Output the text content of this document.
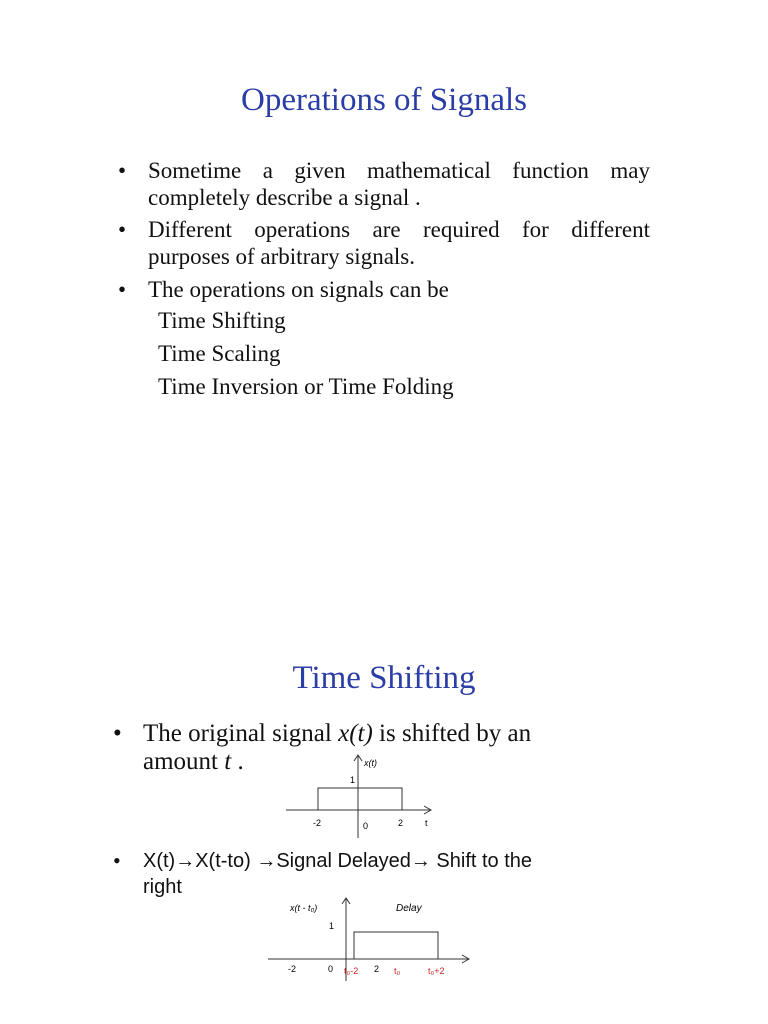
Operations of Signals
• Sometime a given mathematical function may
completely describe a signal .
• Different operations are required for different
purposes of arbitrary signals.
• The operations on signals can be
Time Shifting
Time Scaling
Time Inversion or Time Folding
Time Shifting
• The original signal x(t) is shifted by an
amount t .	x(t)
1
-2	0	2 t
•	X(t)→X(t-to) →Signal Delayed→ Shift to the
right
x(t - t₀)	Delay
1
-2	0	2
t₀-2	t₀	t₀+2
